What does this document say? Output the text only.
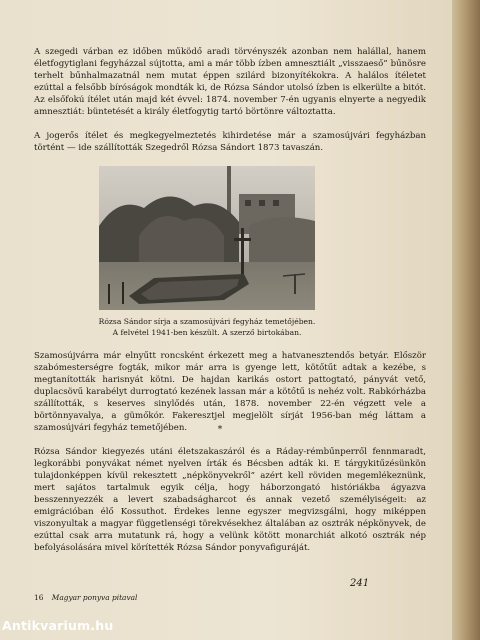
A szegedi várban ez időben működő aradi törvényszék azonban nem halállal, hanem életfogytiglani fegyházzal sújtotta, ami a már több ízben amnesztiált „visszaeső” bűnösre terhelt bűnhalmazatnál nem mutat éppen szilárd bizonyítékokra. A halálos ítéletet ezúttal a felsőbb bíróságok mondták ki, de Rózsa Sándor utolsó ízben is elkerülte a bitót. Az elsőfokú ítélet után majd két évvel: 1874. november 7-én ugyanis elnyerte a negyedik amnesztiát: büntetését a király életfogytig tartó börtönre változtatta.

A jogerős ítélet és megkegyelmeztetés kihirdetése már a szamosújvári fegyházban történt — ide szállították Szegedről Rózsa Sándort 1873 tavaszán.

Rózsa Sándor sírja a szamosújvári fegyház temetőjében.
A felvétel 1941-ben készült. A szerző birtokában.

Szamosújvárra már elnyűtt roncsként érkezett meg a hatvanesztendős betyár. Először szabómesterségre fogták, mikor már arra is gyenge lett, kötőtűt adtak a kezébe, s megtanították harisnyát kötni. De hajdan karikás ostort pattogtató, pányvát vető, duplacsövű karabélyt durrogtató kezének lassan már a kötőtű is nehéz volt. Rabkórházba szállították, s keserves sinylődés után, 1878. november 22-én végzett vele a börtönnyavalya, a gümőkór. Fakeresztjel megjelölt sírját 1956-ban még láttam a szamosújvári fegyház temetőjében.	*

Rózsa Sándor kiegyezés utáni életszakaszáról és a Ráday-rémbűnperről fennmaradt, legkorábbi ponyvákat német nyelven írták és Bécsben adták ki. E tárgykitűzésünkön tulajdonképpen kívül rekesztett „népkönyvekről” azért kell röviden megemlékeznünk, mert sajátos tartalmuk egyik célja, hogy háborzongató históriákba ágyazva besszennyezzék a levert szabadságharcot és annak vezető személyiségeit: az emigrációban élő Kossuthot. Érdekes lenne egyszer megvizsgálni, hogy miképpen viszonyultak a magyar függetlenségi törekvésekhez általában az osztrák népkönyvek, de ezúttal csak arra mutatunk rá, hogy a velünk kötött monarchiát alkotó osztrák nép befolyásolására mivel körítették Rózsa Sándor ponyvafiguráját.

241
16 Magyar ponyva pitaval
Antikvarium.hu
